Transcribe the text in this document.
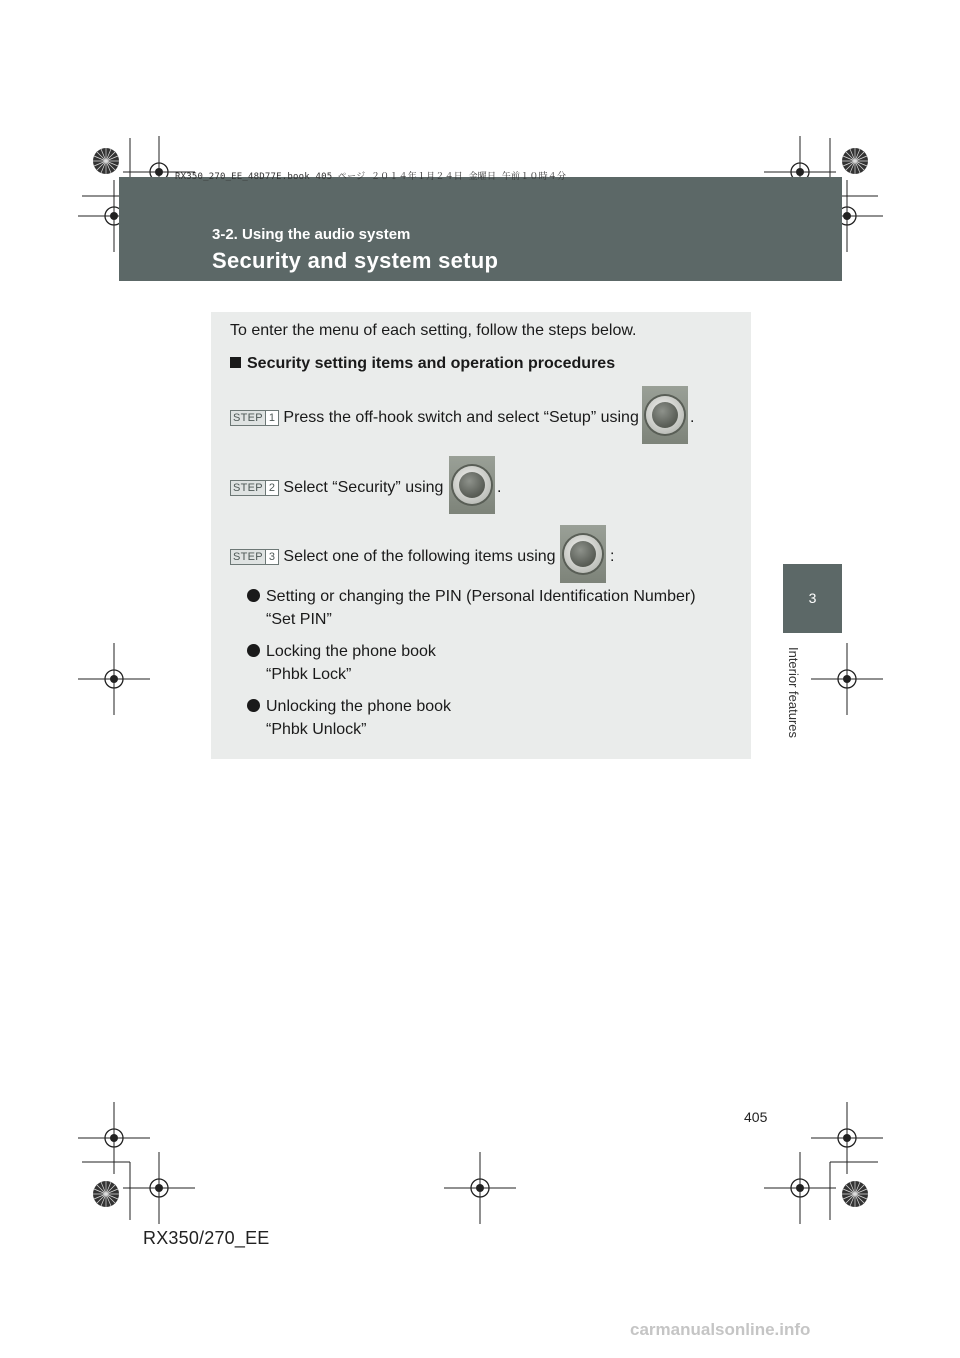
RX350_270_EE_48D77E.book 405 ページ ２０１４年１月２４日 金曜日 午前１０時４分
3-2. Using the audio system
Security and system setup
3
Interior features
To enter the menu of each setting, follow the steps below.
Security setting items and operation procedures
STEP 1 Press the off-hook switch and select “Setup” using	.
STEP 2 Select “Security” using	.
STEP 3 Select one of the following items using	:
Setting or changing the PIN (Personal Identification Number)
“Set PIN”
Locking the phone book
“Phbk Lock”
Unlocking the phone book
“Phbk Unlock”
405
RX350/270_EE
carmanualsonline.info
